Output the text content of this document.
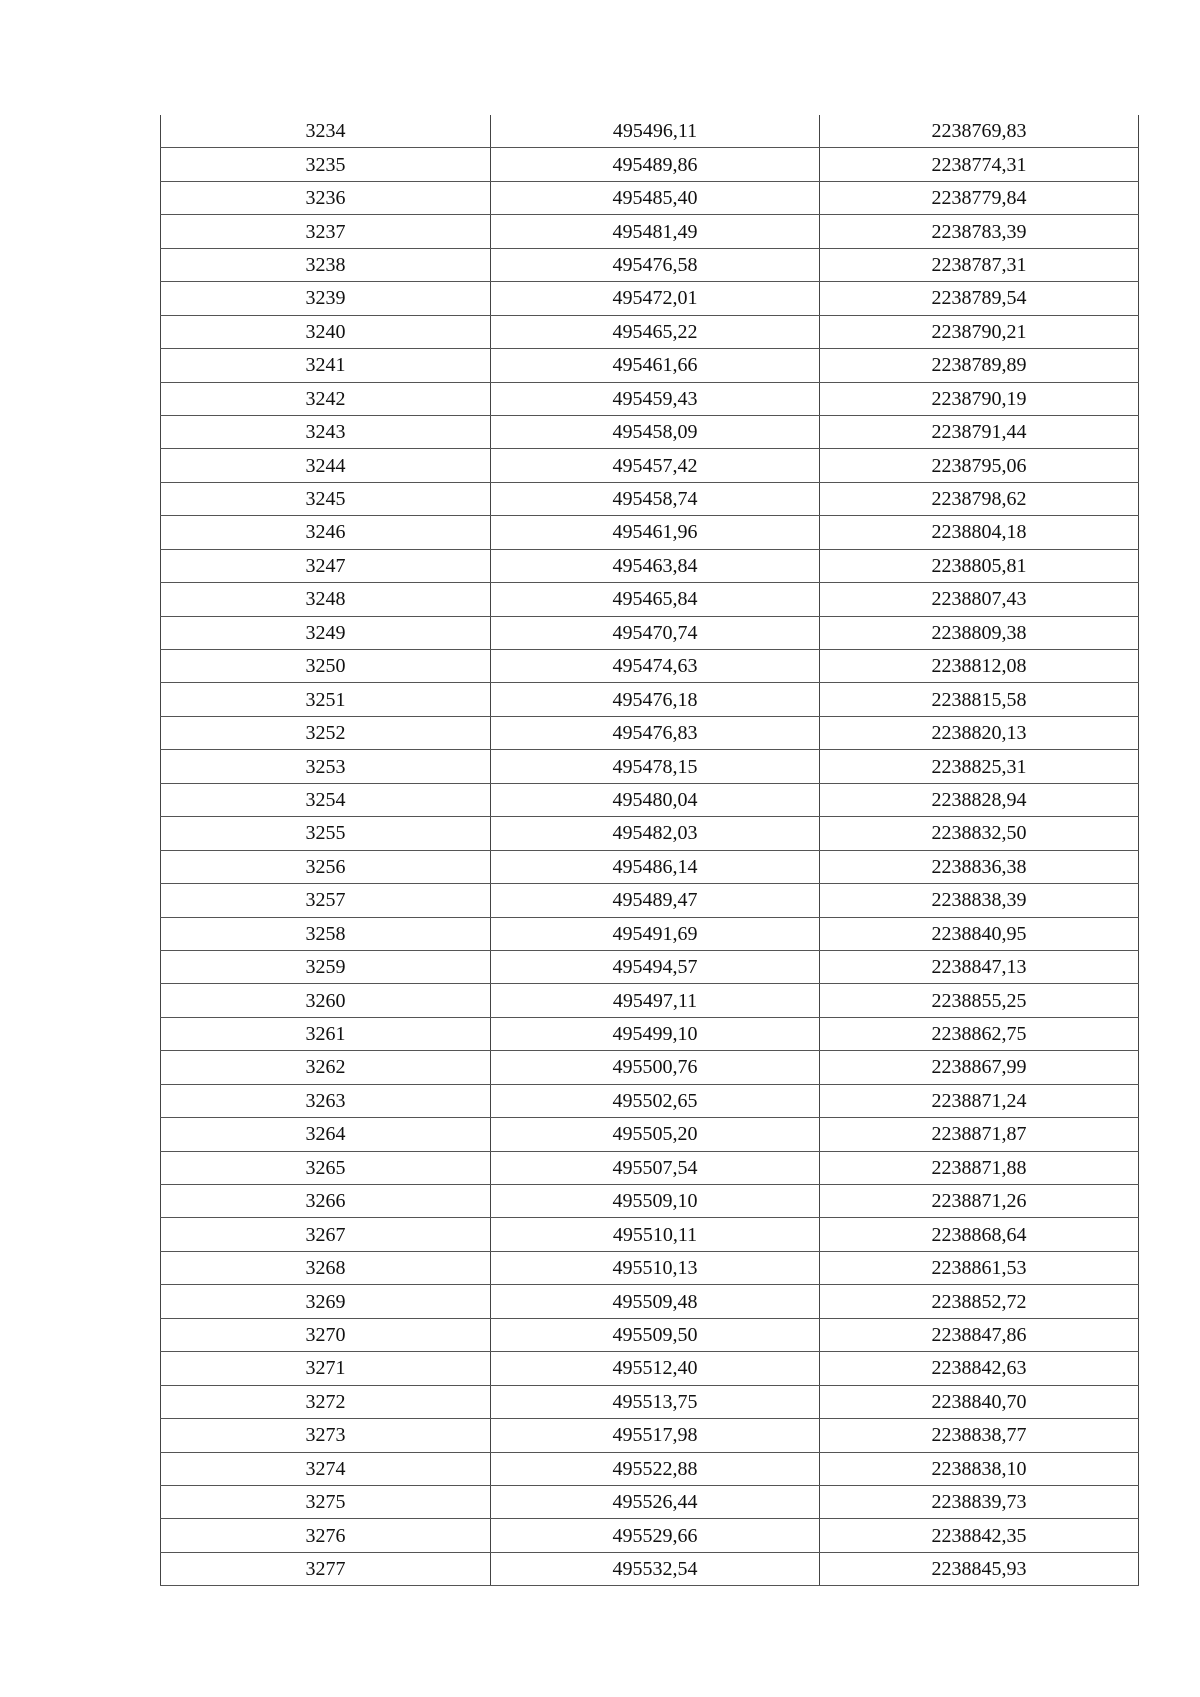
3234	495496,11	2238769,83
3235	495489,86	2238774,31
3236	495485,40	2238779,84
3237	495481,49	2238783,39
3238	495476,58	2238787,31
3239	495472,01	2238789,54
3240	495465,22	2238790,21
3241	495461,66	2238789,89
3242	495459,43	2238790,19
3243	495458,09	2238791,44
3244	495457,42	2238795,06
3245	495458,74	2238798,62
3246	495461,96	2238804,18
3247	495463,84	2238805,81
3248	495465,84	2238807,43
3249	495470,74	2238809,38
3250	495474,63	2238812,08
3251	495476,18	2238815,58
3252	495476,83	2238820,13
3253	495478,15	2238825,31
3254	495480,04	2238828,94
3255	495482,03	2238832,50
3256	495486,14	2238836,38
3257	495489,47	2238838,39
3258	495491,69	2238840,95
3259	495494,57	2238847,13
3260	495497,11	2238855,25
3261	495499,10	2238862,75
3262	495500,76	2238867,99
3263	495502,65	2238871,24
3264	495505,20	2238871,87
3265	495507,54	2238871,88
3266	495509,10	2238871,26
3267	495510,11	2238868,64
3268	495510,13	2238861,53
3269	495509,48	2238852,72
3270	495509,50	2238847,86
3271	495512,40	2238842,63
3272	495513,75	2238840,70
3273	495517,98	2238838,77
3274	495522,88	2238838,10
3275	495526,44	2238839,73
3276	495529,66	2238842,35
3277	495532,54	2238845,93
